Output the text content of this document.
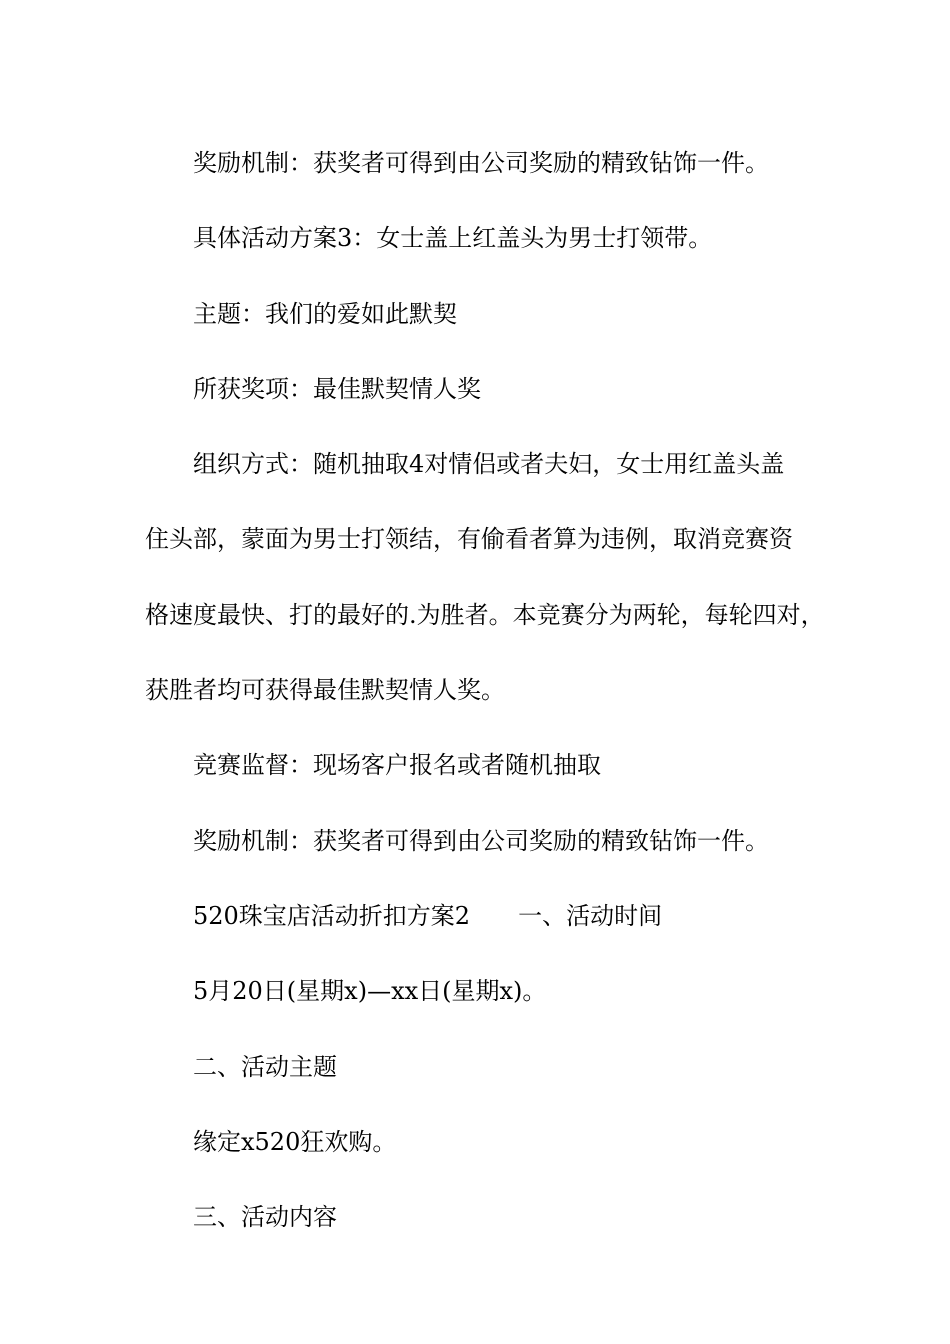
奖励机制：获奖者可得到由公司奖励的精致钻饰一件。

具体活动方案3：女士盖上红盖头为男士打领带。

主题：我们的爱如此默契

所获奖项：最佳默契情人奖

组织方式：随机抽取4对情侣或者夫妇，女士用红盖头盖

住头部，蒙面为男士打领结，有偷看者算为违例，取消竞赛资

格速度最快、打的最好的.为胜者。本竞赛分为两轮，每轮四对，

获胜者均可获得最佳默契情人奖。

竞赛监督：现场客户报名或者随机抽取

奖励机制：获奖者可得到由公司奖励的精致钻饰一件。

520珠宝店活动折扣方案2 一、活动时间

5月20日(星期x)—xx日(星期x)。

二、活动主题

缘定x520狂欢购。

三、活动内容
